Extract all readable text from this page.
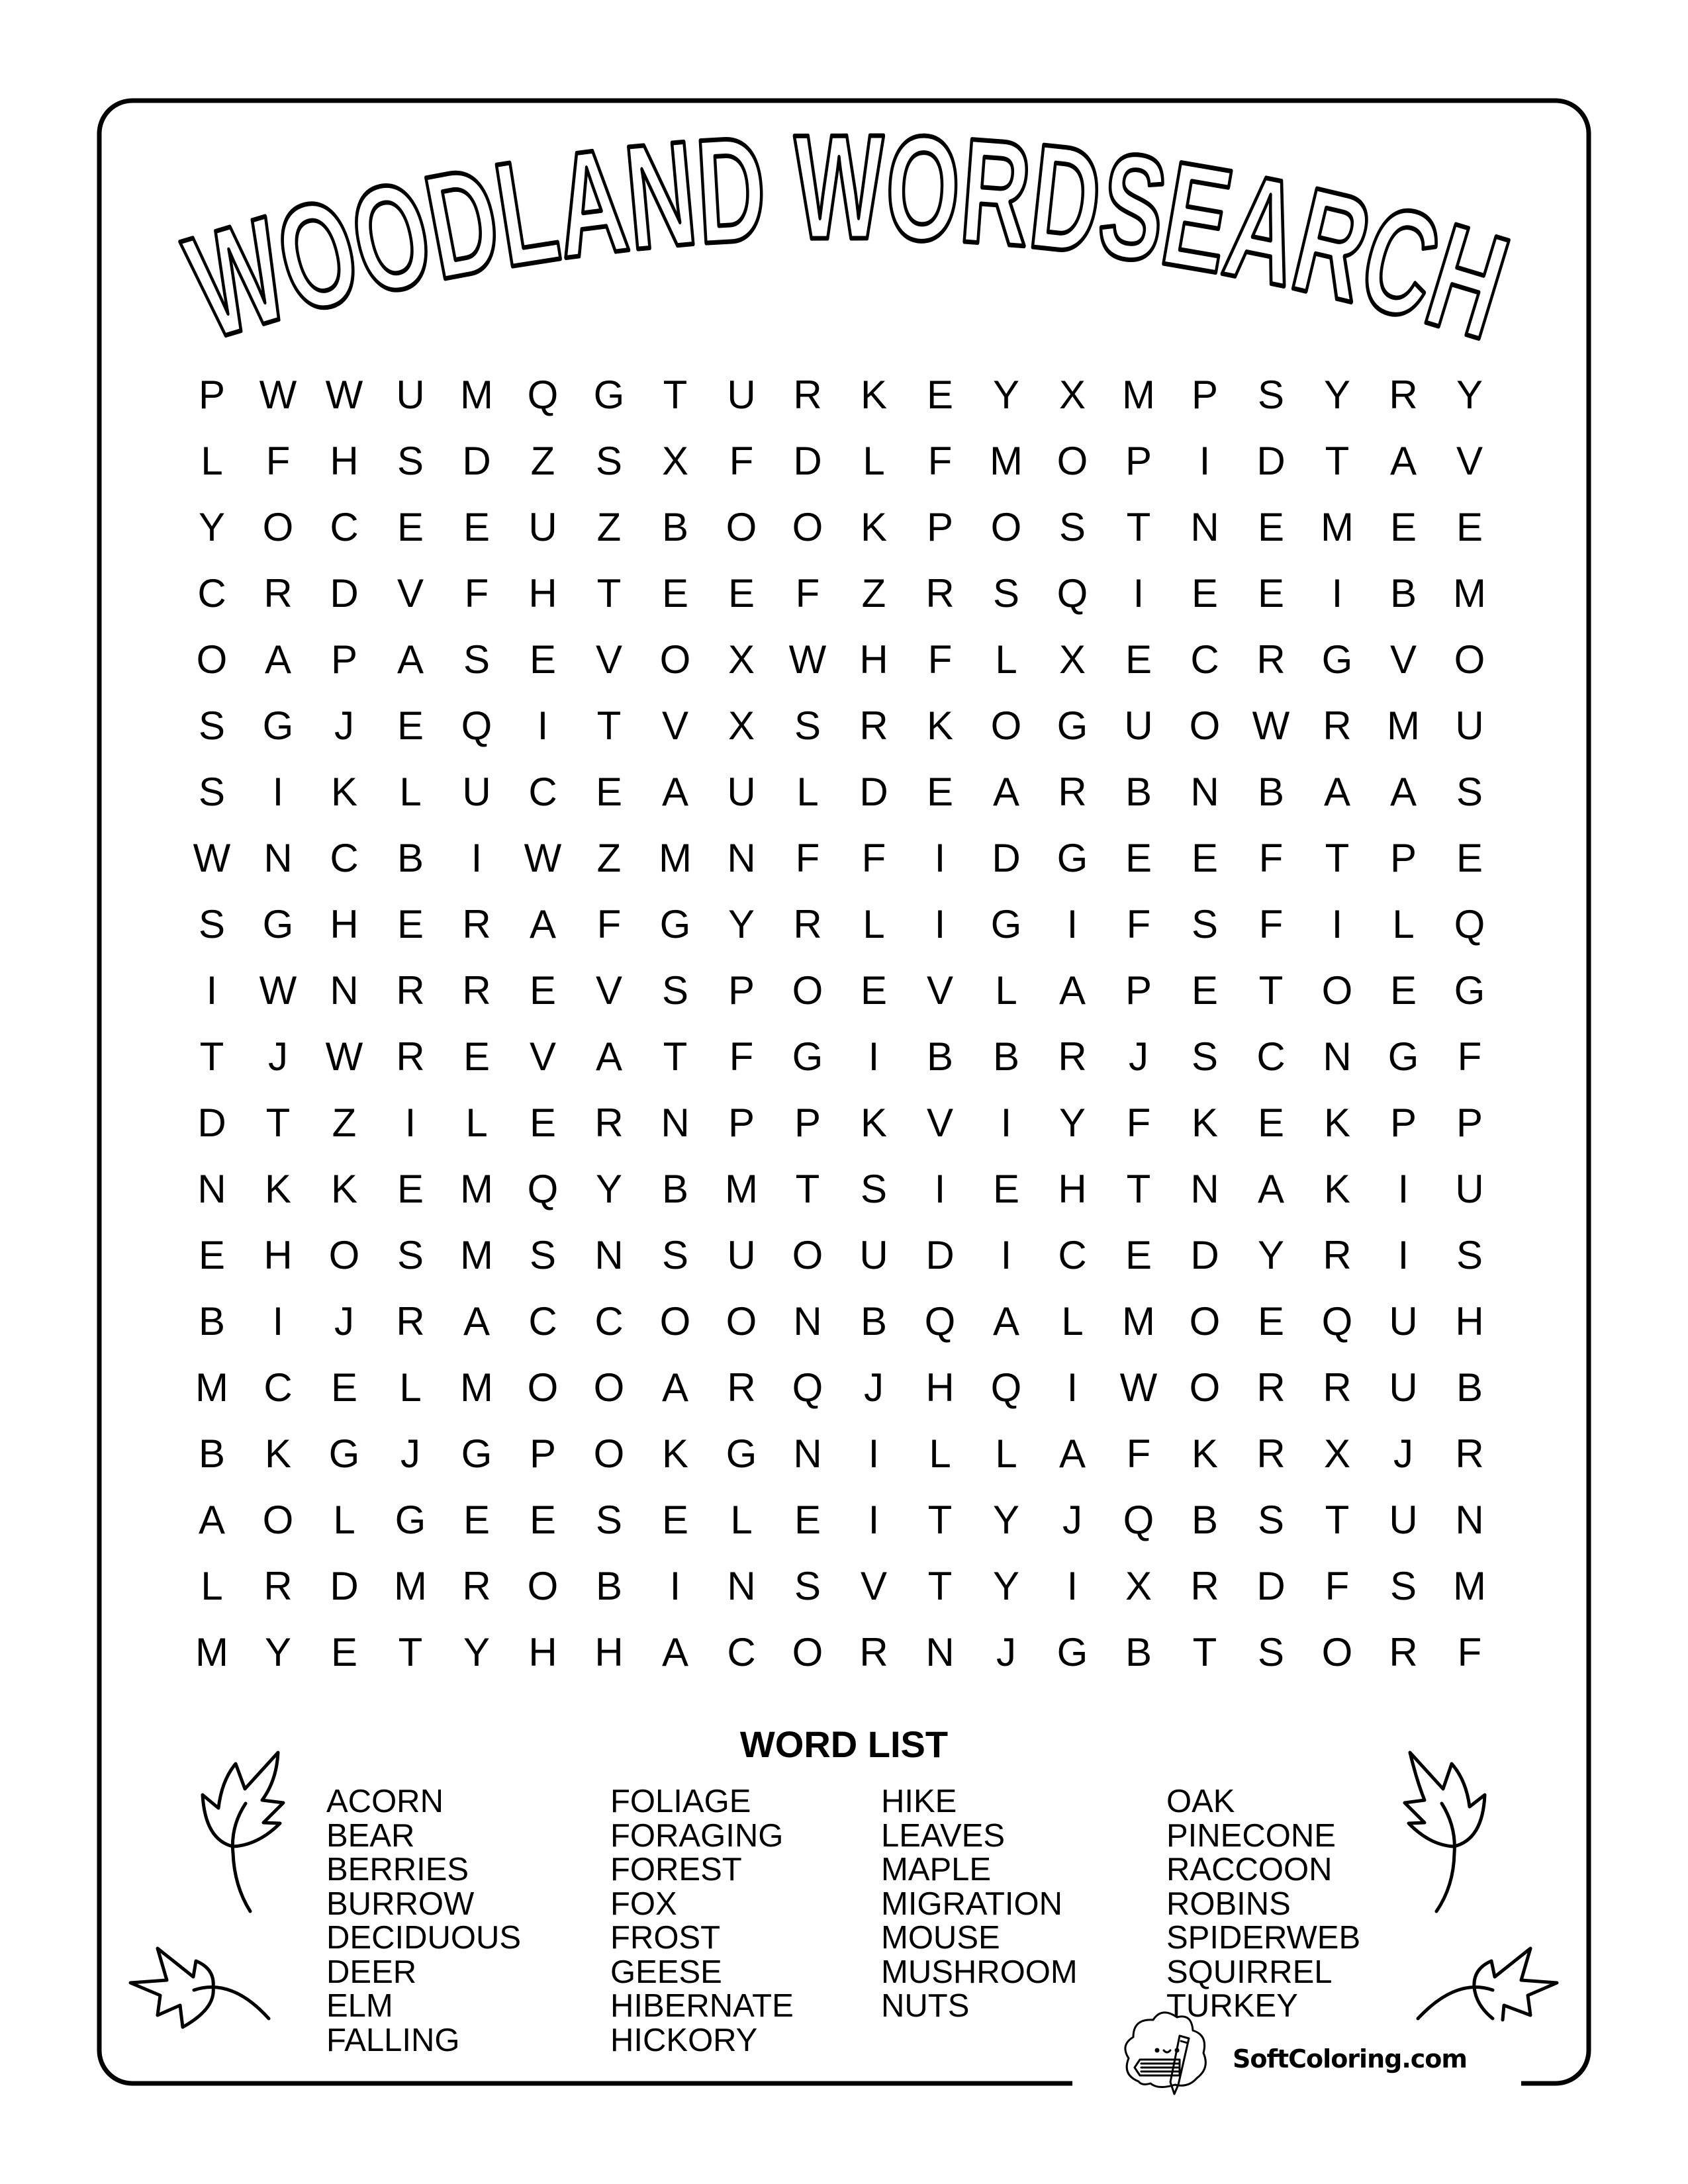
WOODLAND WORDSEARCH
P W W U M Q G T	U R K E Y X M P S Y R Y
L	F	H S D	Z	S X	F	D	L	F M O P	I	D	T	A V
Y O C E E U	Z	B O O K P O S	T	N E M E E
C R D V	F	H	T	E E	F	Z	R S Q	I	E E	I	B M
O A P A S E V O X W H	F	L	X E C R G V O
S G	J	E Q	I	T	V X S R K O G U O W R M U
S	I	K	L	U C E A U	L	D E A R B N B A A S
W N C B	I	W Z M N	F	F	I	D G E E	F	T	P E
S G H E R A	F G Y R	L	I	G	I	F	S	F	I	L Q
I	W N R R E V S P O E V	L	A P E	T O E G
T	J W R E V A	T	F G	I	B B R	J	S C N G F
D	T	Z	I	L	E R N P P K V	I	Y	F	K E K P P
N K K E M Q Y B M T	S	I	E H	T	N A K	I	U
E H O S M S N S U O U D	I	C E D Y R	I	S
B	I	J	R A C C O O N B Q A	L M O E Q U H
M C E	L M O O A R Q	J	H Q	I	W O R R U B
B K G	J	G P O K G N	I	L	L	A	F	K R X	J	R
A O L G E E S E	L	E	I	T	Y	J	Q B S	T	U N
L	R D M R O B	I	N S V	T	Y	I	X R D	F	S M
M Y E	T	Y H H A C O R N	J	G B	T	S O R	F
WORD LIST
ACORN
BEAR
BERRIES
BURROW
DECIDUOUS
DEER
ELM
FALLING
FOLIAGE
FORAGING
FOREST
FOX
FROST
GEESE
HIBERNATE
HICKORY
HIKE
LEAVES
MAPLE
MIGRATION
MOUSE
MUSHROOM
NUTS
OAK
PINECONE
RACCOON
ROBINS
SPIDERWEB
SQUIRREL
TURKEY
SoftColoring.com
